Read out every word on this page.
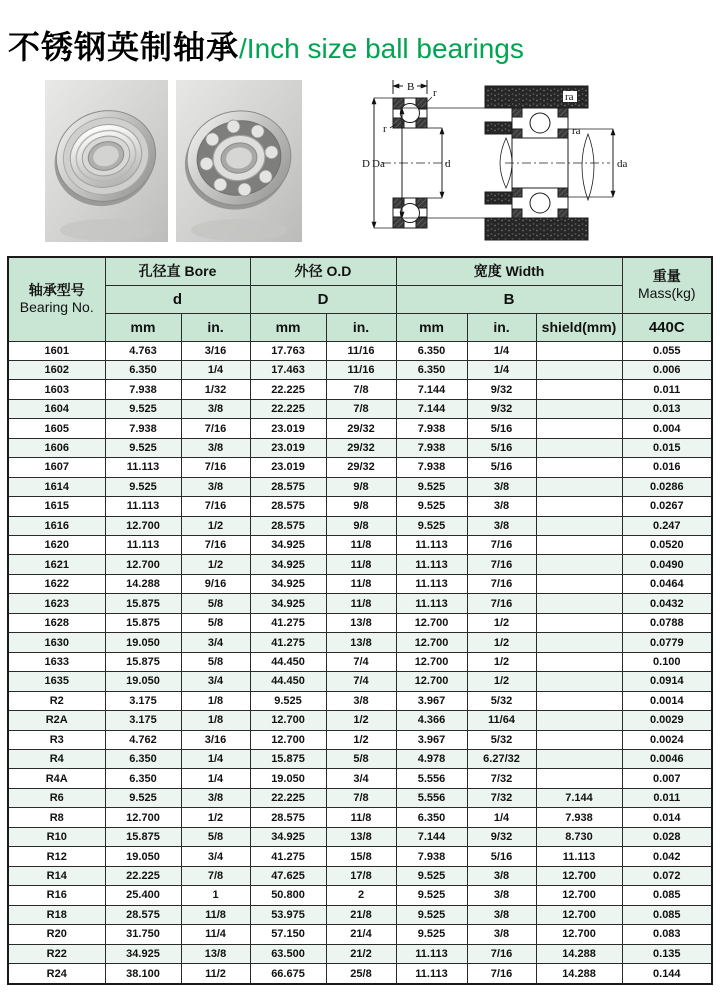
不锈钢英制轴承/Inch size ball bearings
B
D	d
r
r
Da	da
ra
ra
轴承型号
Bearing No.	孔径直 Bore		外径 O.D		宽度 Width			重量
Mass(kg)

	d		D		B			
	mm	in.	mm	in.	mm	in.	shield(mm)	440C
1601	4.763	3/16	17.763	11/16	6.350	1/4		0.055
1602	6.350	1/4	17.463	11/16	6.350	1/4		0.006
1603	7.938	1/32	22.225	7/8	7.144	9/32		0.011
1604	9.525	3/8	22.225	7/8	7.144	9/32		0.013
1605	7.938	7/16	23.019	29/32	7.938	5/16		0.004
1606	9.525	3/8	23.019	29/32	7.938	5/16		0.015
1607	11.113	7/16	23.019	29/32	7.938	5/16		0.016
1614	9.525	3/8	28.575	9/8	9.525	3/8		0.0286
1615	11.113	7/16	28.575	9/8	9.525	3/8		0.0267
1616	12.700	1/2	28.575	9/8	9.525	3/8		0.247
1620	11.113	7/16	34.925	11/8	11.113	7/16		0.0520
1621	12.700	1/2	34.925	11/8	11.113	7/16		0.0490
1622	14.288	9/16	34.925	11/8	11.113	7/16		0.0464
1623	15.875	5/8	34.925	11/8	11.113	7/16		0.0432
1628	15.875	5/8	41.275	13/8	12.700	1/2		0.0788
1630	19.050	3/4	41.275	13/8	12.700	1/2		0.0779
1633	15.875	5/8	44.450	7/4	12.700	1/2		0.100
1635	19.050	3/4	44.450	7/4	12.700	1/2		0.0914
R2	3.175	1/8	9.525	3/8	3.967	5/32		0.0014
R2A	3.175	1/8	12.700	1/2	4.366	11/64		0.0029
R3	4.762	3/16	12.700	1/2	3.967	5/32		0.0024
R4	6.350	1/4	15.875	5/8	4.978	6.27/32		0.0046
R4A	6.350	1/4	19.050	3/4	5.556	7/32		0.007
R6	9.525	3/8	22.225	7/8	5.556	7/32	7.144	0.011
R8	12.700	1/2	28.575	11/8	6.350	1/4	7.938	0.014
R10	15.875	5/8	34.925	13/8	7.144	9/32	8.730	0.028
R12	19.050	3/4	41.275	15/8	7.938	5/16	11.113	0.042
R14	22.225	7/8	47.625	17/8	9.525	3/8	12.700	0.072
R16	25.400	1	50.800	2	9.525	3/8	12.700	0.085
R18	28.575	11/8	53.975	21/8	9.525	3/8	12.700	0.085
R20	31.750	11/4	57.150	21/4	9.525	3/8	12.700	0.083
R22	34.925	13/8	63.500	21/2	11.113	7/16	14.288	0.135
R24	38.100	11/2	66.675	25/8	11.113	7/16	14.288	0.144
